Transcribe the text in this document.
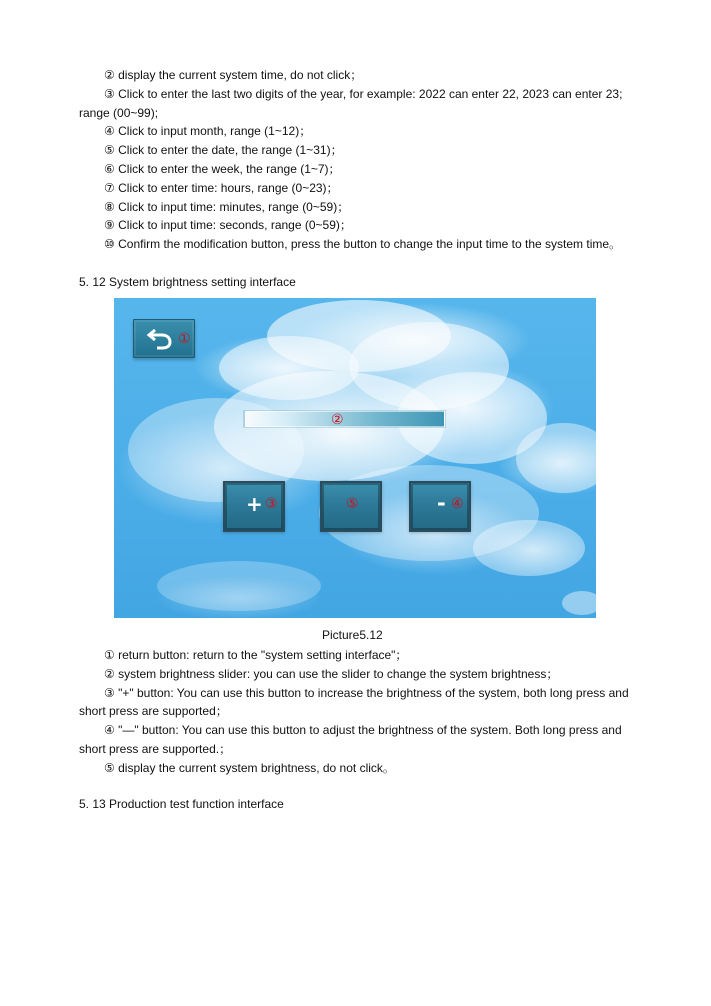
② display the current system time, do not click；
③ Click to enter the last two digits of the year, for example: 2022 can enter 22, 2023 can enter 23;
range (00~99);
④ Click to input month, range (1~12)；
⑤ Click to enter the date, the range (1~31)；
⑥ Click to enter the week, the range (1~7)；
⑦ Click to enter time: hours, range (0~23)；
⑧ Click to input time: minutes, range (0~59)；
⑨ Click to input time: seconds, range (0~59)；
⑩ Confirm the modification button, press the button to change the input time to the system time。
5. 12 System brightness setting interface
①
②
+ ③	⑤	- ④
Picture5.12
① return button: return to the "system setting interface"；
② system brightness slider: you can use the slider to change the system brightness；
③ "+" button: You can use this button to increase the brightness of the system, both long press and
short press are supported；
④ "—" button: You can use this button to adjust the brightness of the system. Both long press and
short press are supported.；
⑤ display the current system brightness, do not click。
5. 13 Production test function interface
